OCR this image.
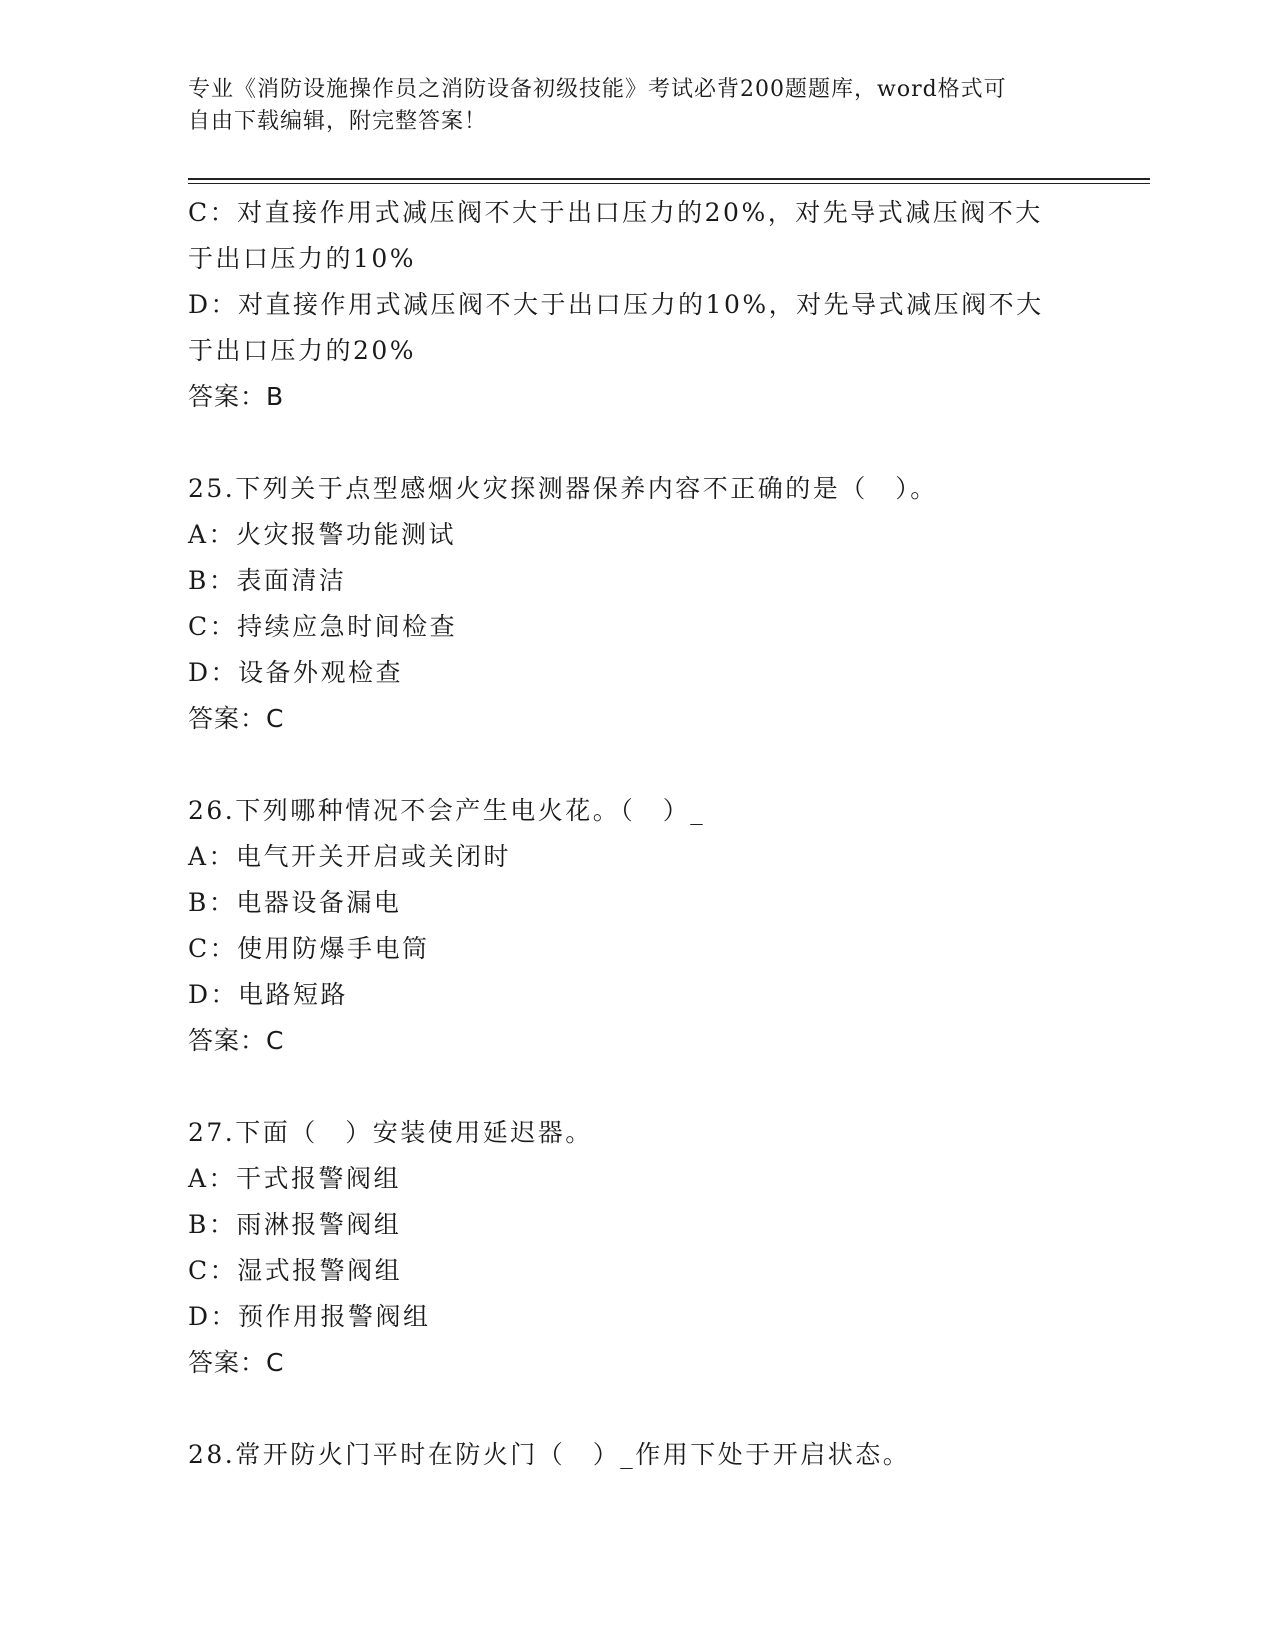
专业《消防设施操作员之消防设备初级技能》考试必背200题题库，word格式可
自由下载编辑，附完整答案！
C：对直接作用式减压阀不大于出口压力的20%，对先导式减压阀不大
于出口压力的10%
D：对直接作用式减压阀不大于出口压力的10%，对先导式减压阀不大
于出口压力的20%
答案：B
25.下列关于点型感烟火灾探测器保养内容不正确的是（　）。
A：火灾报警功能测试
B：表面清洁
C：持续应急时间检查
D：设备外观检查
答案：C
26.下列哪种情况不会产生电火花。（　）_
A：电气开关开启或关闭时
B：电器设备漏电
C：使用防爆手电筒
D：电路短路
答案：C
27.下面（　）安装使用延迟器。
A：干式报警阀组
B：雨淋报警阀组
C：湿式报警阀组
D：预作用报警阀组
答案：C
28.常开防火门平时在防火门（　）_作用下处于开启状态。
